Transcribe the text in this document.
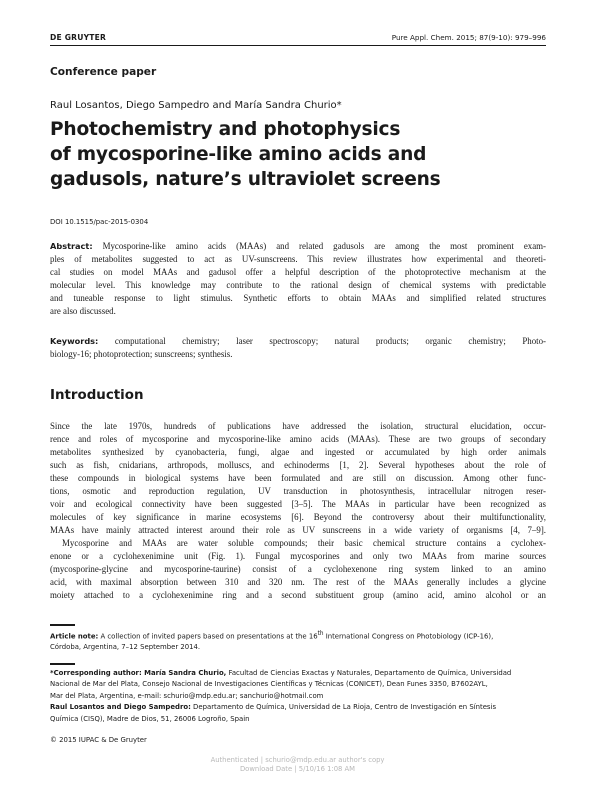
DE GRUYTER	Pure Appl. Chem. 2015; 87(9-10): 979–996
Conference paper
Raul Losantos, Diego Sampedro and María Sandra Churio*
Photochemistry and photophysics
of mycosporine-like amino acids and
gadusols, nature’s ultraviolet screens
DOI 10.1515/pac-2015-0304
Abstract: Mycosporine-like amino acids (MAAs) and related gadusols are among the most prominent exam-
ples of metabolites suggested to act as UV-sunscreens. This review illustrates how experimental and theoreti-
cal studies on model MAAs and gadusol offer a helpful description of the photoprotective mechanism at the
molecular level. This knowledge may contribute to the rational design of chemical systems with predictable
and tuneable response to light stimulus. Synthetic efforts to obtain MAAs and simplified related structures
are also discussed.
Keywords: computational chemistry; laser spectroscopy; natural products; organic chemistry; Photo-
biology-16; photoprotection; sunscreens; synthesis.
Introduction
Since the late 1970s, hundreds of publications have addressed the isolation, structural elucidation, occur-
rence and roles of mycosporine and mycosporine-like amino acids (MAAs). These are two groups of secondary
metabolites synthesized by cyanobacteria, fungi, algae and ingested or accumulated by high order animals
such as fish, cnidarians, arthropods, molluscs, and echinoderms [1, 2]. Several hypotheses about the role of
these compounds in biological systems have been formulated and are still on discussion. Among other func-
tions, osmotic and reproduction regulation, UV transduction in photosynthesis, intracellular nitrogen reser-
voir and ecological connectivity have been suggested [3–5]. The MAAs in particular have been recognized as
molecules of key significance in marine ecosystems [6]. Beyond the controversy about their multifunctionality,
MAAs have mainly attracted interest around their role as UV sunscreens in a wide variety of organisms [4, 7–9].
Mycosporine and MAAs are water soluble compounds; their basic chemical structure contains a cyclohex-
enone or a cyclohexenimine unit (Fig. 1). Fungal mycosporines and only two MAAs from marine sources
(mycosporine-glycine and mycosporine-taurine) consist of a cyclohexenone ring system linked to an amino
acid, with maximal absorption between 310 and 320 nm. The rest of the MAAs generally includes a glycine
moiety attached to a cyclohexenimine ring and a second substituent group (amino acid, amino alcohol or an
Article note: A collection of invited papers based on presentations at the 16th International Congress on Photobiology (ICP-16),
Córdoba, Argentina, 7–12 September 2014.
*Corresponding author: María Sandra Churio, Facultad de Ciencias Exactas y Naturales, Departamento de Química, Universidad
Nacional de Mar del Plata, Consejo Nacional de Investigaciones Científicas y Técnicas (CONICET), Dean Funes 3350, B7602AYL,
Mar del Plata, Argentina, e-mail: schurio@mdp.edu.ar; sanchurio@hotmail.com
Raul Losantos and Diego Sampedro: Departamento de Química, Universidad de La Rioja, Centro de Investigación en Síntesis
Química (CISQ), Madre de Dios, 51, 26006 Logroño, Spain
© 2015 IUPAC & De Gruyter
Authenticated | schurio@mdp.edu.ar author's copy
Download Date | 5/10/16 1:08 AM
